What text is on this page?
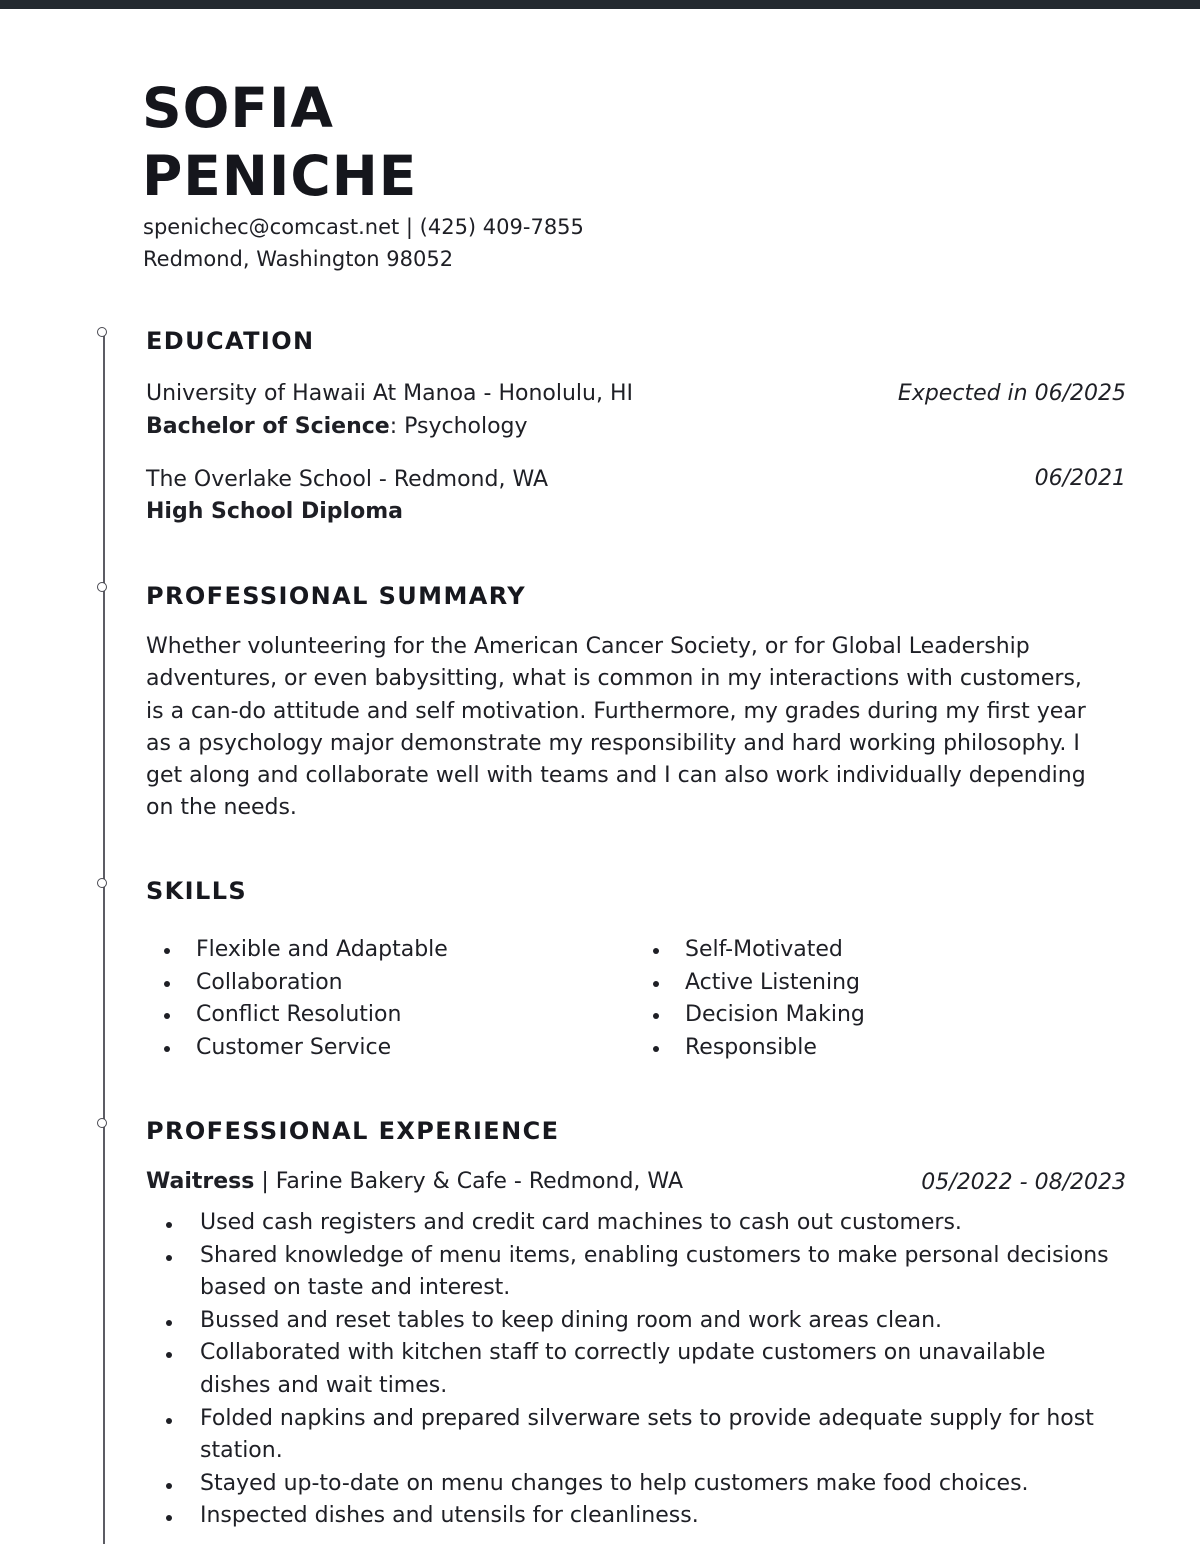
SOFIA
PENICHE
spenichec@comcast.net | (425) 409-7855
Redmond, Washington 98052
EDUCATION
University of Hawaii At Manoa - Honolulu, HI	Expected in 06/2025
Bachelor of Science: Psychology
The Overlake School - Redmond, WA	06/2021
High School Diploma
PROFESSIONAL SUMMARY

Whether volunteering for the American Cancer Society, or for Global Leadership adventures, or even babysitting, what is common in my interactions with customers, is a can-do attitude and self motivation. Furthermore, my grades during my first year as a psychology major demonstrate my responsibility and hard working philosophy. I get along and collaborate well with teams and I can also work individually depending on the needs.

SKILLS
Flexible and Adaptable
Collaboration
Conflict Resolution
Customer Service
Self-Motivated
Active Listening
Decision Making
Responsible
PROFESSIONAL EXPERIENCE
Waitress | Farine Bakery & Cafe - Redmond, WA	05/2022 - 08/2023
Used cash registers and credit card machines to cash out customers.
Shared knowledge of menu items, enabling customers to make personal decisions based on taste and interest.
Bussed and reset tables to keep dining room and work areas clean.
Collaborated with kitchen staff to correctly update customers on unavailable dishes and wait times.
Folded napkins and prepared silverware sets to provide adequate supply for host station.
Stayed up-to-date on menu changes to help customers make food choices.
Inspected dishes and utensils for cleanliness.
